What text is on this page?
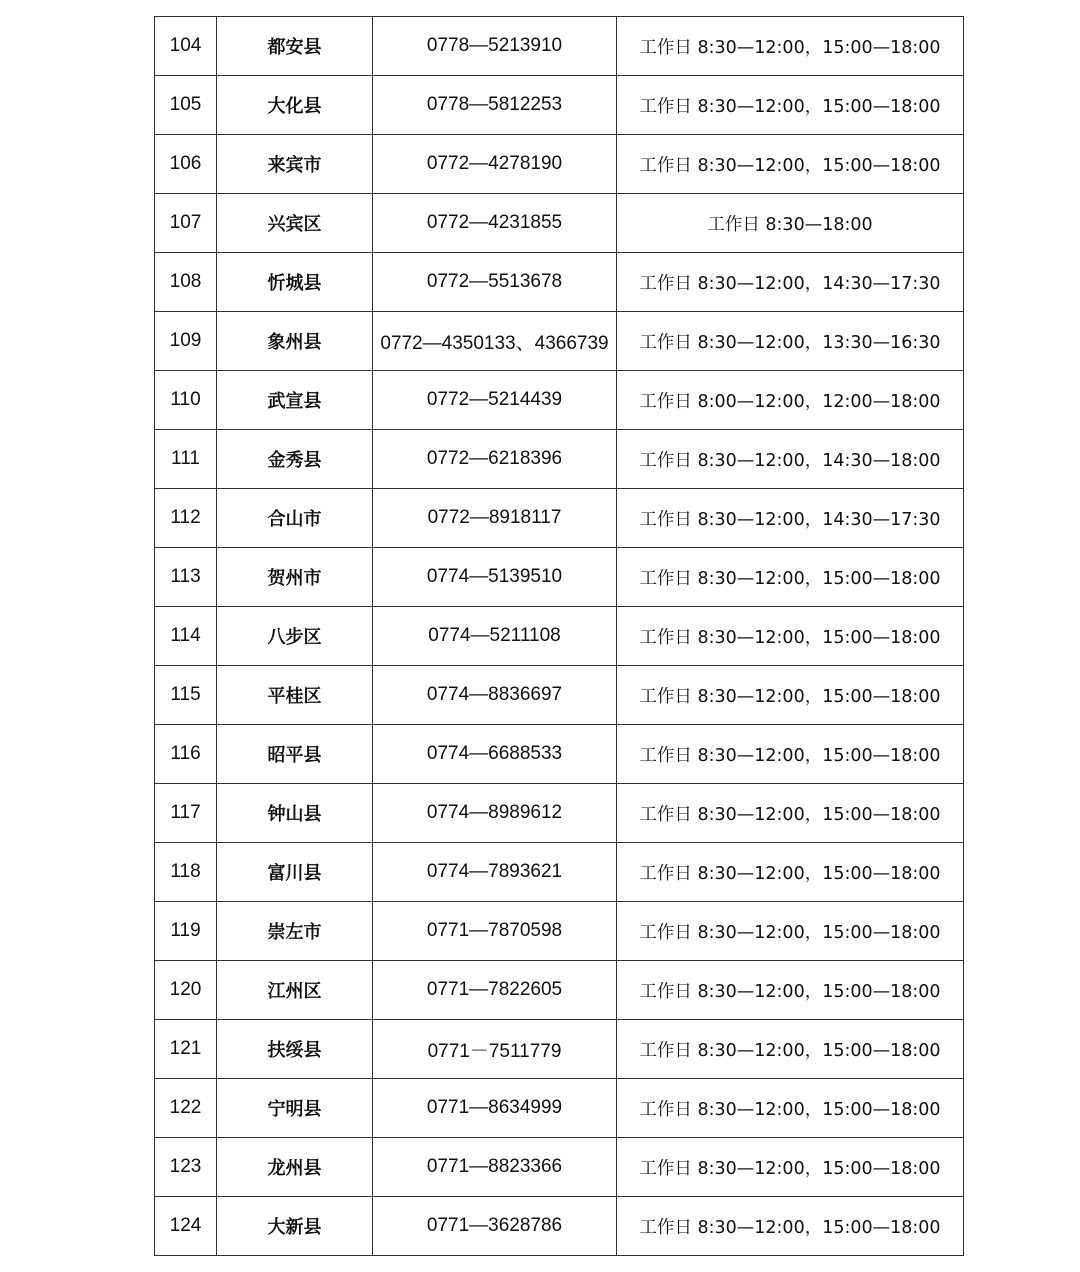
104	都安县	0778—5213910	工作日 8:30—12:00，15:00—18:00
105	大化县	0778—5812253	工作日 8:30—12:00，15:00—18:00
106	来宾市	0772—4278190	工作日 8:30—12:00，15:00—18:00
107	兴宾区	0772—4231855	工作日 8:30—18:00
108	忻城县	0772—5513678	工作日 8:30—12:00，14:30—17:30
109	象州县	0772—4350133、4366739	工作日 8:30—12:00，13:30—16:30
110	武宣县	0772—5214439	工作日 8:00—12:00，12:00—18:00
111	金秀县	0772—6218396	工作日 8:30—12:00，14:30—18:00
112	合山市	0772—8918117	工作日 8:30—12:00，14:30—17:30
113	贺州市	0774—5139510	工作日 8:30—12:00，15:00—18:00
114	八步区	0774—5211108	工作日 8:30—12:00，15:00—18:00
115	平桂区	0774—8836697	工作日 8:30—12:00，15:00—18:00
116	昭平县	0774—6688533	工作日 8:30—12:00，15:00—18:00
117	钟山县	0774—8989612	工作日 8:30—12:00，15:00—18:00
118	富川县	0774—7893621	工作日 8:30—12:00，15:00—18:00
119	崇左市	0771—7870598	工作日 8:30—12:00，15:00—18:00
120	江州区	0771—7822605	工作日 8:30—12:00，15:00—18:00
121	扶绥县	0771－7511779	工作日 8:30—12:00，15:00—18:00
122	宁明县	0771—8634999	工作日 8:30—12:00，15:00—18:00
123	龙州县	0771—8823366	工作日 8:30—12:00，15:00—18:00
124	大新县	0771—3628786	工作日 8:30—12:00，15:00—18:00
